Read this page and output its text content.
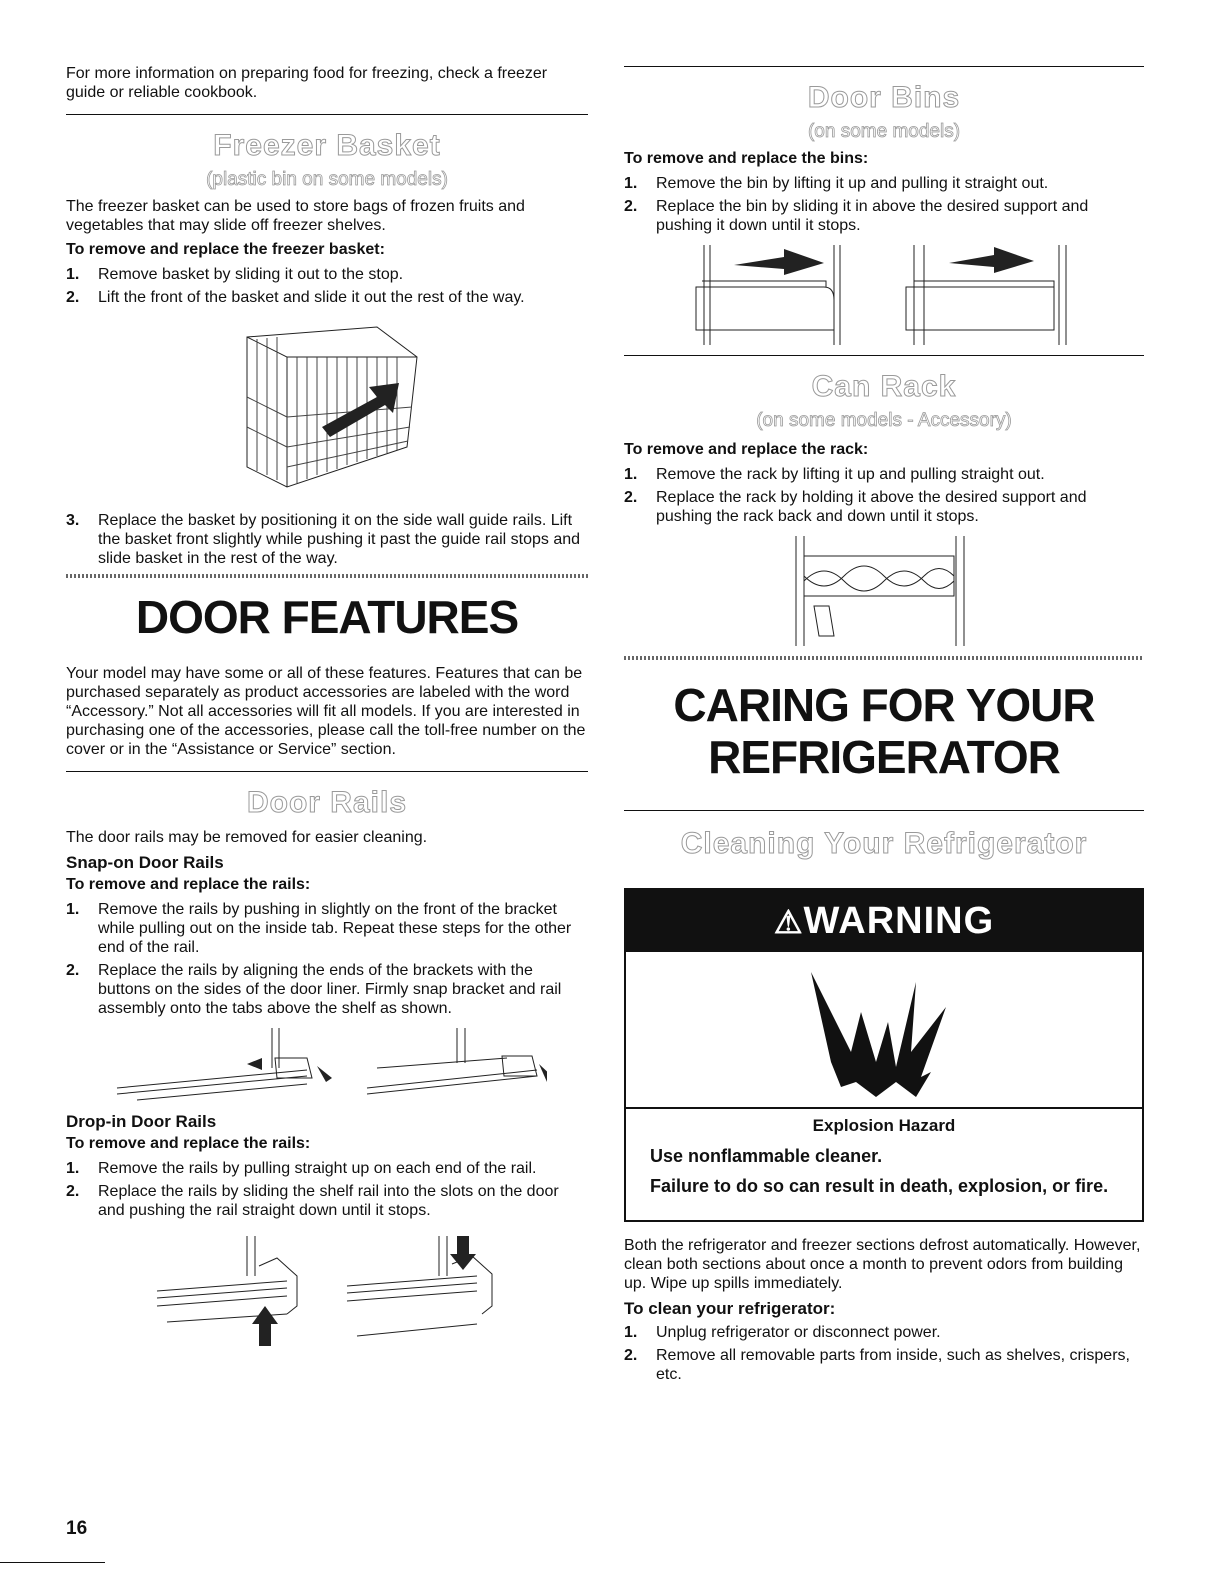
For more information on preparing food for freezing, check a freezer guide or reliable cookbook.

Freezer Basket
(plastic bin on some models)

The freezer basket can be used to store bags of frozen fruits and vegetables that may slide off freezer shelves.

To remove and replace the freezer basket:

1.	Remove basket by sliding it out to the stop.
2.	Lift the front of the basket and slide it out the rest of the way.
3.	Replace the basket by positioning it on the side wall guide rails. Lift the basket front slightly while pushing it past the guide rail stops and slide basket in the rest of the way.
DOOR FEATURES

Your model may have some or all of these features. Features that can be purchased separately as product accessories are labeled with the word “Accessory.” Not all accessories will fit all models. If you are interested in purchasing one of the accessories, please call the toll-free number on the cover or in the “Assistance or Service” section.

Door Rails

The door rails may be removed for easier cleaning.

Snap-on Door Rails

To remove and replace the rails:

1.	Remove the rails by pushing in slightly on the front of the bracket while pulling out on the inside tab. Repeat these steps for the other end of the rail.
2.	Replace the rails by aligning the ends of the brackets with the buttons on the sides of the door liner. Firmly snap bracket and rail assembly onto the tabs above the shelf as shown.

Drop-in Door Rails

To remove and replace the rails:

1.	Remove the rails by pulling straight up on each end of the rail.
2.	Replace the rails by sliding the shelf rail into the slots on the door and pushing the rail straight down until it stops.
Door Bins
(on some models)

To remove and replace the bins:

1.	Remove the bin by lifting it up and pulling it straight out.
2.	Replace the bin by sliding it in above the desired support and pushing it down until it stops.
Can Rack
(on some models - Accessory)

To remove and replace the rack:

1.	Remove the rack by lifting it up and pulling straight out.
2.	Replace the rack by holding it above the desired support and pushing the rack back and down until it stops.
CARING FOR YOUR
REFRIGERATOR
Cleaning Your Refrigerator
⚠WARNING
Explosion Hazard
Use nonflammable cleaner.
Failure to do so can result in death, explosion, or fire.

Both the refrigerator and freezer sections defrost automatically. However, clean both sections about once a month to prevent odors from building up. Wipe up spills immediately.

To clean your refrigerator:

1.	Unplug refrigerator or disconnect power.
2.	Remove all removable parts from inside, such as shelves, crispers, etc.
16
